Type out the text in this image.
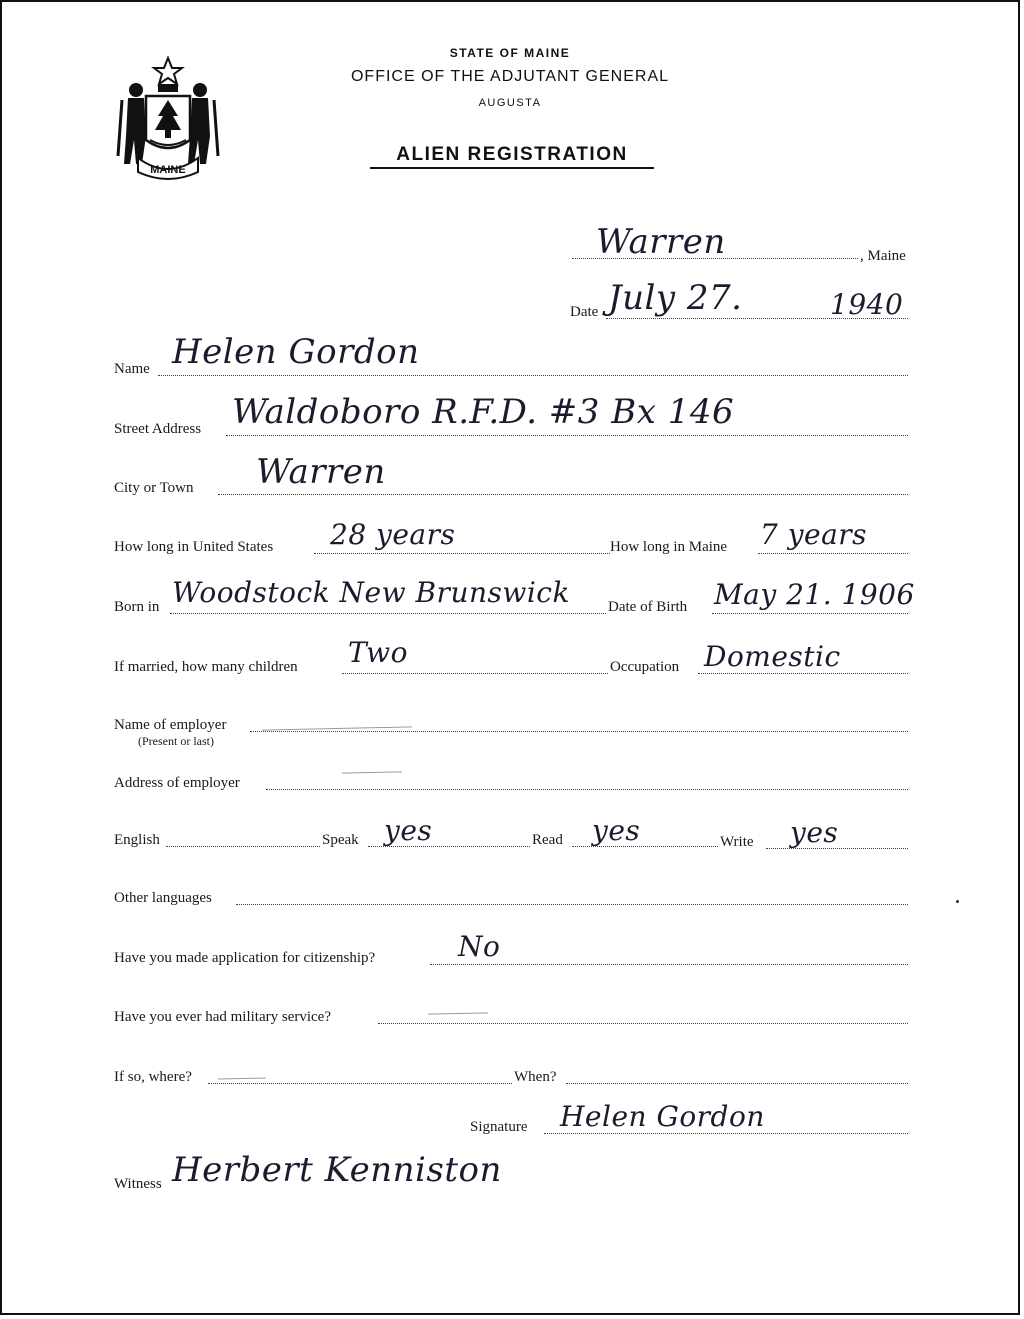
MAINE
STATE OF MAINE
OFFICE OF THE ADJUTANT GENERAL
AUGUSTA
ALIEN REGISTRATION
Warren	, Maine
Date July 27.	1940
Name Helen Gordon
Street Address Waldoboro R.F.D. #3 Bx 146
City or Town Warren
How long in United States 28 years	How long in Maine 7 years
Born in Woodstock New Brunswick	Date of Birth May 21. 1906
If married, how many children Two	Occupation Domestic
Name of employer
(Present or last)
Address of employer
English	Speak yes	Read yes	Write yes
Other languages
Have you made application for citizenship?	No
Have you ever had military service?
If so, where?	When?
Signature Helen Gordon
Witness Herbert Kenniston
